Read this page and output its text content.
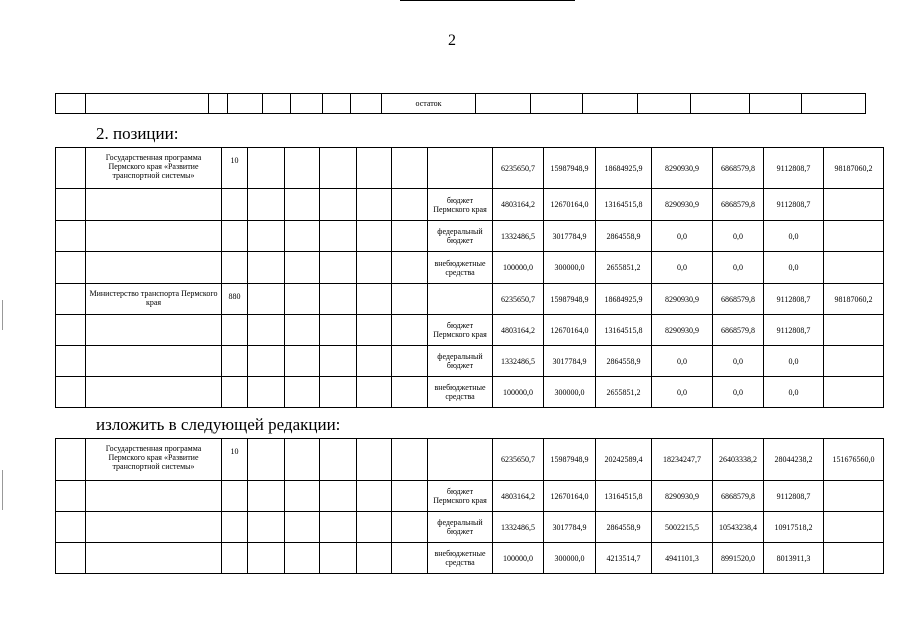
2
								остаток							
2. позиции:
	Государственная программа Пермского края «Развитие транспортной системы»	10							6235650,7	15987948,9	18684925,9	8290930,9	6868579,8	9112808,7	98187060,2
								бюджет Пермского края	4803164,2	12670164,0	13164515,8	8290930,9	6868579,8	9112808,7	
								федеральный бюджет	1332486,5	3017784,9	2864558,9	0,0	0,0	0,0	
								внебюджетные средства	100000,0	300000,0	2655851,2	0,0	0,0	0,0	
	Министерство транспорта Пермского края	880							6235650,7	15987948,9	18684925,9	8290930,9	6868579,8	9112808,7	98187060,2
								бюджет Пермского края	4803164,2	12670164,0	13164515,8	8290930,9	6868579,8	9112808,7	
								федеральный бюджет	1332486,5	3017784,9	2864558,9	0,0	0,0	0,0	
								внебюджетные средства	100000,0	300000,0	2655851,2	0,0	0,0	0,0	
изложить в следующей редакции:
	Государственная программа Пермского края «Развитие транспортной системы»	10							6235650,7	15987948,9	20242589,4	18234247,7	26403338,2	28044238,2	151676560,0
								бюджет Пермского края	4803164,2	12670164,0	13164515,8	8290930,9	6868579,8	9112808,7	
								федеральный бюджет	1332486,5	3017784,9	2864558,9	5002215,5	10543238,4	10917518,2	
								внебюджетные средства	100000,0	300000,0	4213514,7	4941101,3	8991520,0	8013911,3	
